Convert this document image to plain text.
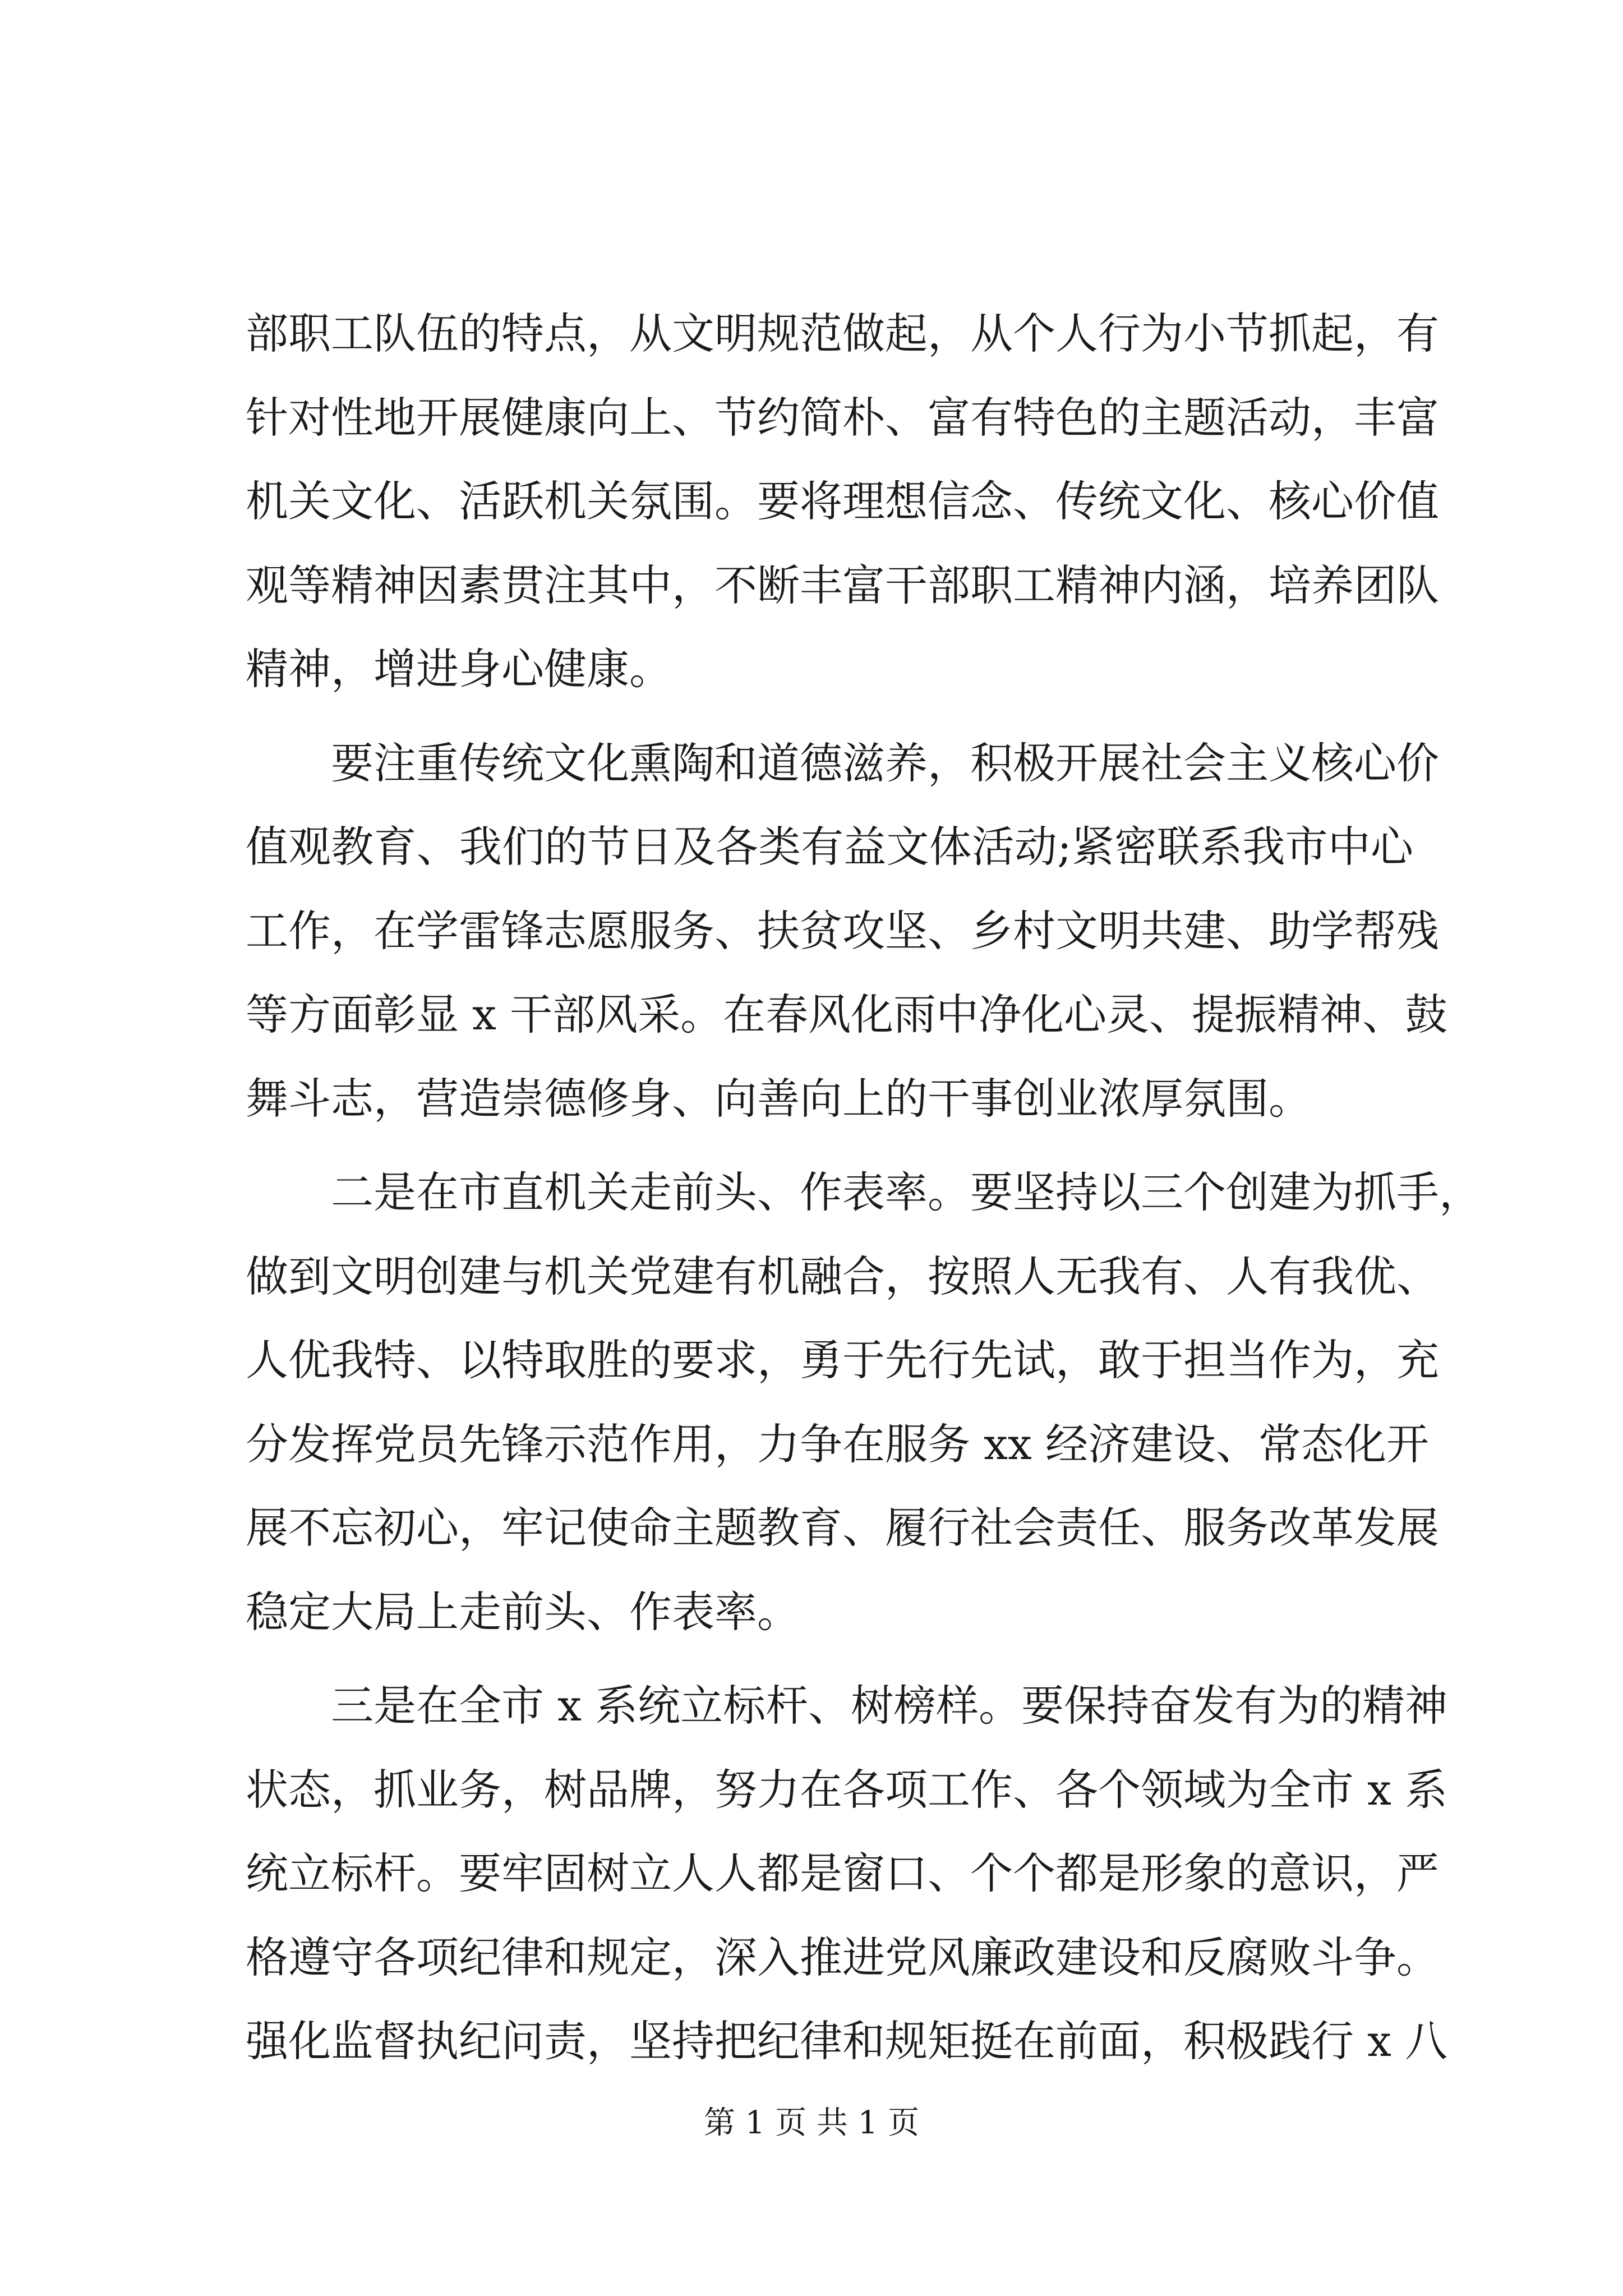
部职工队伍的特点，从文明规范做起，从个人行为小节抓起，有
针对性地开展健康向上、节约简朴、富有特色的主题活动，丰富
机关文化、活跃机关氛围。要将理想信念、传统文化、核心价值
观等精神因素贯注其中，不断丰富干部职工精神内涵，培养团队
精神，增进身心健康。
要注重传统文化熏陶和道德滋养，积极开展社会主义核心价
值观教育、我们的节日及各类有益文体活动;紧密联系我市中心
工作，在学雷锋志愿服务、扶贫攻坚、乡村文明共建、助学帮残
等方面彰显 x 干部风采。在春风化雨中净化心灵、提振精神、鼓
舞斗志，营造崇德修身、向善向上的干事创业浓厚氛围。
二是在市直机关走前头、作表率。要坚持以三个创建为抓手，
做到文明创建与机关党建有机融合，按照人无我有、人有我优、
人优我特、以特取胜的要求，勇于先行先试，敢于担当作为，充
分发挥党员先锋示范作用，力争在服务 xx 经济建设、常态化开
展不忘初心，牢记使命主题教育、履行社会责任、服务改革发展
稳定大局上走前头、作表率。
三是在全市 x 系统立标杆、树榜样。要保持奋发有为的精神
状态，抓业务，树品牌，努力在各项工作、各个领域为全市 x 系
统立标杆。要牢固树立人人都是窗口、个个都是形象的意识，严
格遵守各项纪律和规定，深入推进党风廉政建设和反腐败斗争。
强化监督执纪问责，坚持把纪律和规矩挺在前面，积极践行 x 八
第 1 页 共 1 页
